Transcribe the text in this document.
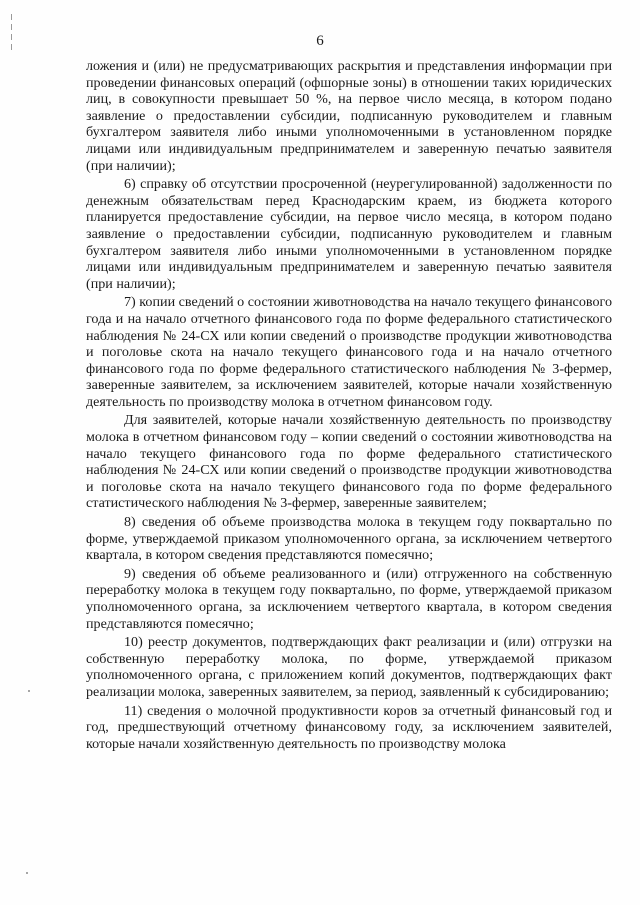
6

ложения и (или) не предусматривающих раскрытия и представления информации при проведении финансовых операций (офшорные зоны) в отношении таких юридических лиц, в совокупности превышает 50 %, на первое число месяца, в котором подано заявление о предоставлении субсидии, подписанную руководителем и главным бухгалтером заявителя либо иными уполномоченными в установленном порядке лицами или индивидуальным предпринимателем и заверенную печатью заявителя (при наличии);

6) справку об отсутствии просроченной (неурегулированной) задолженности по денежным обязательствам перед Краснодарским краем, из бюджета которого планируется предоставление субсидии, на первое число месяца, в котором подано заявление о предоставлении субсидии, подписанную руководителем и главным бухгалтером заявителя либо иными уполномоченными в установленном порядке лицами или индивидуальным предпринимателем и заверенную печатью заявителя (при наличии);

7) копии сведений о состоянии животноводства на начало текущего финансового года и на начало отчетного финансового года по форме федерального статистического наблюдения № 24-СХ или копии сведений о производстве продукции животноводства и поголовье скота на начало текущего финансового года и на начало отчетного финансового года по форме федерального статистического наблюдения № 3-фермер, заверенные заявителем, за исключением заявителей, которые начали хозяйственную деятельность по производству молока в отчетном финансовом году.

Для заявителей, которые начали хозяйственную деятельность по производству молока в отчетном финансовом году – копии сведений о состоянии животноводства на начало текущего финансового года по форме федерального статистического наблюдения № 24-СХ или копии сведений о производстве продукции животноводства и поголовье скота на начало текущего финансового года по форме федерального статистического наблюдения № 3-фермер, заверенные заявителем;

8) сведения об объеме производства молока в текущем году поквартально по форме, утверждаемой приказом уполномоченного органа, за исключением четвертого квартала, в котором сведения представляются помесячно;

9) сведения об объеме реализованного и (или) отгруженного на собственную переработку молока в текущем году поквартально, по форме, утверждаемой приказом уполномоченного органа, за исключением четвертого квартала, в котором сведения представляются помесячно;

10) реестр документов, подтверждающих факт реализации и (или) отгрузки на собственную переработку молока, по форме, утверждаемой приказом уполномоченного органа, с приложением копий документов, подтверждающих факт реализации молока, заверенных заявителем, за период, заявленный к субсидированию;

11) сведения о молочной продуктивности коров за отчетный финансовый год и год, предшествующий отчетному финансовому году, за исключением заявителей, которые начали хозяйственную деятельность по производству молока
